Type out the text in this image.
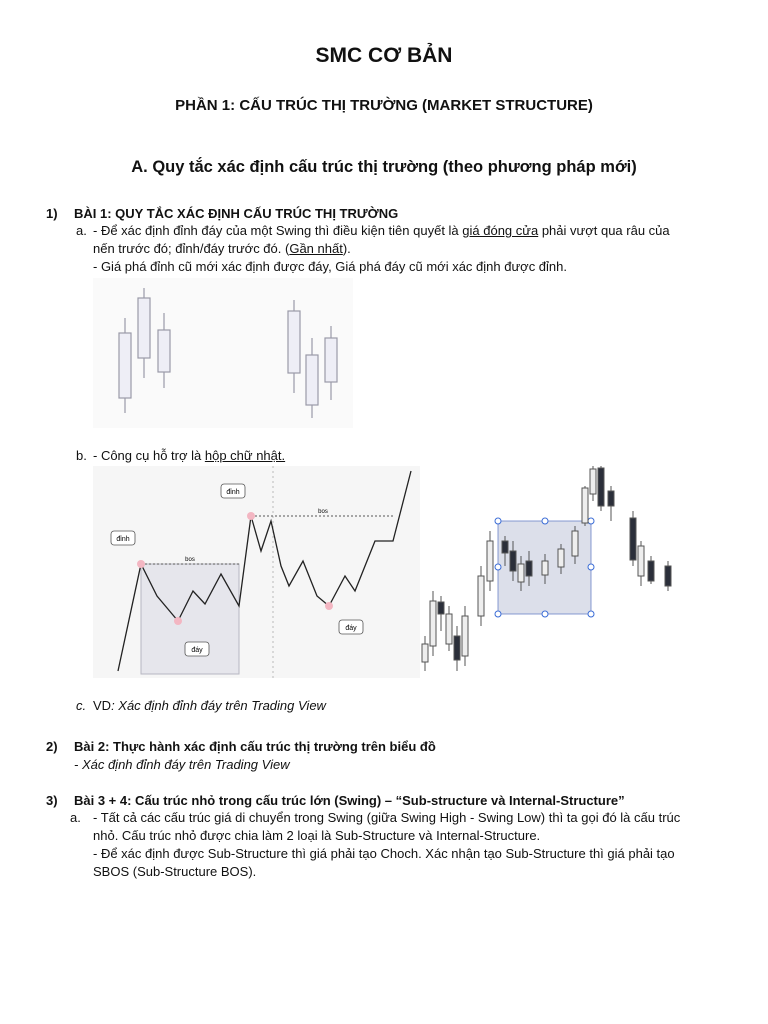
SMC CƠ BẢN
PHẦN 1: CẤU TRÚC THỊ TRƯỜNG (MARKET STRUCTURE)
A. Quy tắc xác định cấu trúc thị trường (theo phương pháp mới)
1) BÀI 1: QUY TẮC XÁC ĐỊNH CẤU TRÚC THỊ TRƯỜNG
a. - Để xác định đỉnh đáy của một Swing thì điều kiện tiên quyết là giá đóng cửa phải vượt qua râu của
nến trước đó; đỉnh/đáy trước đó. (Gần nhất).
- Giá phá đỉnh cũ mới xác định được đáy, Giá phá đáy cũ mới xác định được đỉnh.
b. - Công cụ hỗ trợ là hộp chữ nhật.
đỉnh
đỉnh
đáy
đáy
bos
bos
c. VD: Xác định đỉnh đáy trên Trading View
2) Bài 2: Thực hành xác định cấu trúc thị trường trên biểu đồ
- Xác định đỉnh đáy trên Trading View
3) Bài 3 + 4: Cấu trúc nhỏ trong cấu trúc lớn (Swing) – “Sub-structure và Internal-Structure”
a. - Tất cả các cấu trúc giá di chuyển trong Swing (giữa Swing High - Swing Low) thì ta gọi đó là cấu trúc
nhỏ. Cấu trúc nhỏ được chia làm 2 loại là Sub-Structure và Internal-Structure.
- Để xác định được Sub-Structure thì giá phải tạo Choch. Xác nhận tạo Sub-Structure thì giá phải tạo
SBOS (Sub-Structure BOS).
